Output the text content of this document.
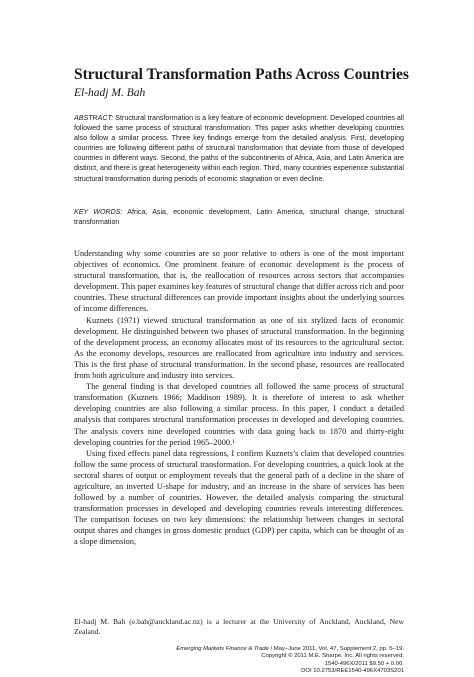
Structural Transformation Paths Across Countries
El-hadj M. Bah
ABSTRACT: Structural transformation is a key feature of economic development. Developed countries all followed the same process of structural transformation. This paper asks whether developing countries also follow a similar process. Three key findings emerge from the detailed analysis. First, developing countries are following different paths of structural transformation that deviate from those of developed countries in different ways. Second, the paths of the subcontinents of Africa, Asia, and Latin America are distinct, and there is great heterogeneity within each region. Third, many countries experience substantial structural transformation during periods of economic stagnation or even decline.
KEY WORDS: Africa, Asia, economic development, Latin America, structural change, structural transformation

Understanding why some countries are so poor relative to others is one of the most important objectives of economics. One prominent feature of economic development is the process of structural transformation, that is, the reallocation of resources across sectors that accompanies development. This paper examines key features of structural change that differ across rich and poor countries. These structural differences can provide important insights about the underlying sources of income differences.

Kuznets (1971) viewed structural transformation as one of six stylized facts of economic development. He distinguished between two phases of structural transformation. In the beginning of the development process, an economy allocates most of its resources to the agricultural sector. As the economy develops, resources are reallocated from agriculture into industry and services. This is the first phase of structural transformation. In the second phase, resources are reallocated from both agriculture and industry into services.

The general finding is that developed countries all followed the same process of structural transformation (Kuznets 1966; Maddison 1989). It is therefore of interest to ask whether developing countries are also following a similar process. In this paper, I conduct a detailed analysis that compares structural transformation processes in developed and developing countries. The analysis covers nine developed countries with data going back to 1870 and thirty-eight developing countries for the period 1965–2000.¹

Using fixed effects panel data regressions, I confirm Kuznets’s claim that developed countries follow the same process of structural transformation. For developing countries, a quick look at the sectoral shares of output or employment reveals that the general path of a decline in the share of agriculture, an inverted U-shape for industry, and an increase in the share of services has been followed by a number of countries. However, the detailed analysis comparing the structural transformation processes in developed and developing countries reveals interesting differences. The comparison focuses on two key dimensions: the relationship between changes in sectoral output shares and changes in gross domestic product (GDP) per capita, which can be thought of as a slope dimension,

El-hadj M. Bah (e.bah@auckland.ac.nz) is a lecturer at the University of Auckland, Auckland, New Zealand.
Emerging Markets Finance & Trade / May–June 2011, Vol. 47, Supplement 2, pp. 5–19.
Copyright © 2011 M.E. Sharpe, Inc. All rights reserved.
1540-496X/2011 $9.50 + 0.00.
DOI 10.2753/REE1540-496X4703S201
